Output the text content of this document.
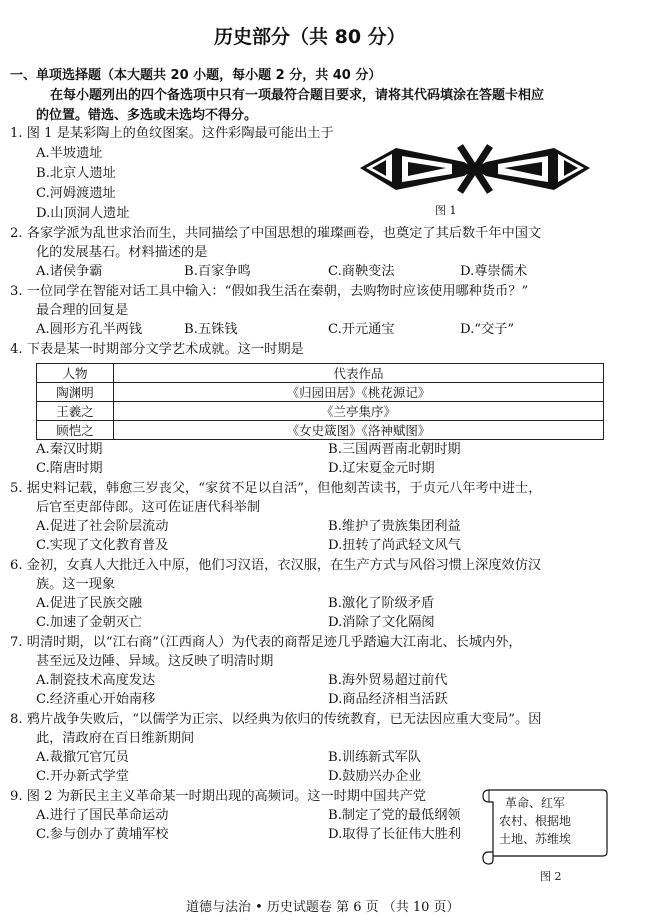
历史部分（共 80 分）
一、单项选择题（本大题共 20 小题，每小题 2 分，共 40 分）
在每小题列出的四个备选项中只有一项最符合题目要求，请将其代码填涂在答题卡相应
的位置。错选、多选或未选均不得分。
1. 图 1 是某彩陶上的鱼纹图案。这件彩陶最可能出土于
A.半坡遗址
B.北京人遗址
C.河姆渡遗址
D.山顶洞人遗址	图 1
2. 各家学派为乱世求治而生，共同描绘了中国思想的璀璨画卷，也奠定了其后数千年中国文
化的发展基石。材料描述的是
A.诸侯争霸	B.百家争鸣	C.商鞅变法	D.尊崇儒术
3. 一位同学在智能对话工具中输入：“假如我生活在秦朝，去购物时应该使用哪种货币？”
最合理的回复是
A.圆形方孔半两钱	B.五铢钱	C.开元通宝	D.“交子”
4. 下表是某一时期部分文学艺术成就。这一时期是
人物	代表作品
陶渊明	《归园田居》《桃花源记》
王羲之	《兰亭集序》
顾恺之	《女史箴图》《洛神赋图》
A.秦汉时期	B.三国两晋南北朝时期
C.隋唐时期	D.辽宋夏金元时期
5. 据史料记载，韩愈三岁丧父，“家贫不足以自活”，但他刻苦读书，于贞元八年考中进士，
后官至吏部侍郎。这可佐证唐代科举制
A.促进了社会阶层流动	B.维护了贵族集团利益
C.实现了文化教育普及	D.扭转了尚武轻文风气
6. 金初，女真人大批迁入中原，他们习汉语，衣汉服，在生产方式与风俗习惯上深度效仿汉
族。这一现象
A.促进了民族交融	B.激化了阶级矛盾
C.加速了金朝灭亡	D.消除了文化隔阂
7. 明清时期，以“江右商”（江西商人）为代表的商帮足迹几乎踏遍大江南北、长城内外，
甚至远及边陲、异域。这反映了明清时期
A.制瓷技术高度发达	B.海外贸易超过前代
C.经济重心开始南移	D.商品经济相当活跃
8. 鸦片战争失败后，“以儒学为正宗、以经典为依归的传统教育，已无法因应重大变局”。因
此，清政府在百日维新期间
A.裁撤冗官冗员	B.训练新式军队
C.开办新式学堂	D.鼓励兴办企业
9. 图 2 为新民主主义革命某一时期出现的高频词。这一时期中国共产党
A.进行了国民革命运动	B.制定了党的最低纲领
C.参与创办了黄埔军校	D.取得了长征伟大胜利
革命、红军
农村、根据地
土地、苏维埃
图 2
道德与法治 • 历史试题卷 第 6 页 （共 10 页）
